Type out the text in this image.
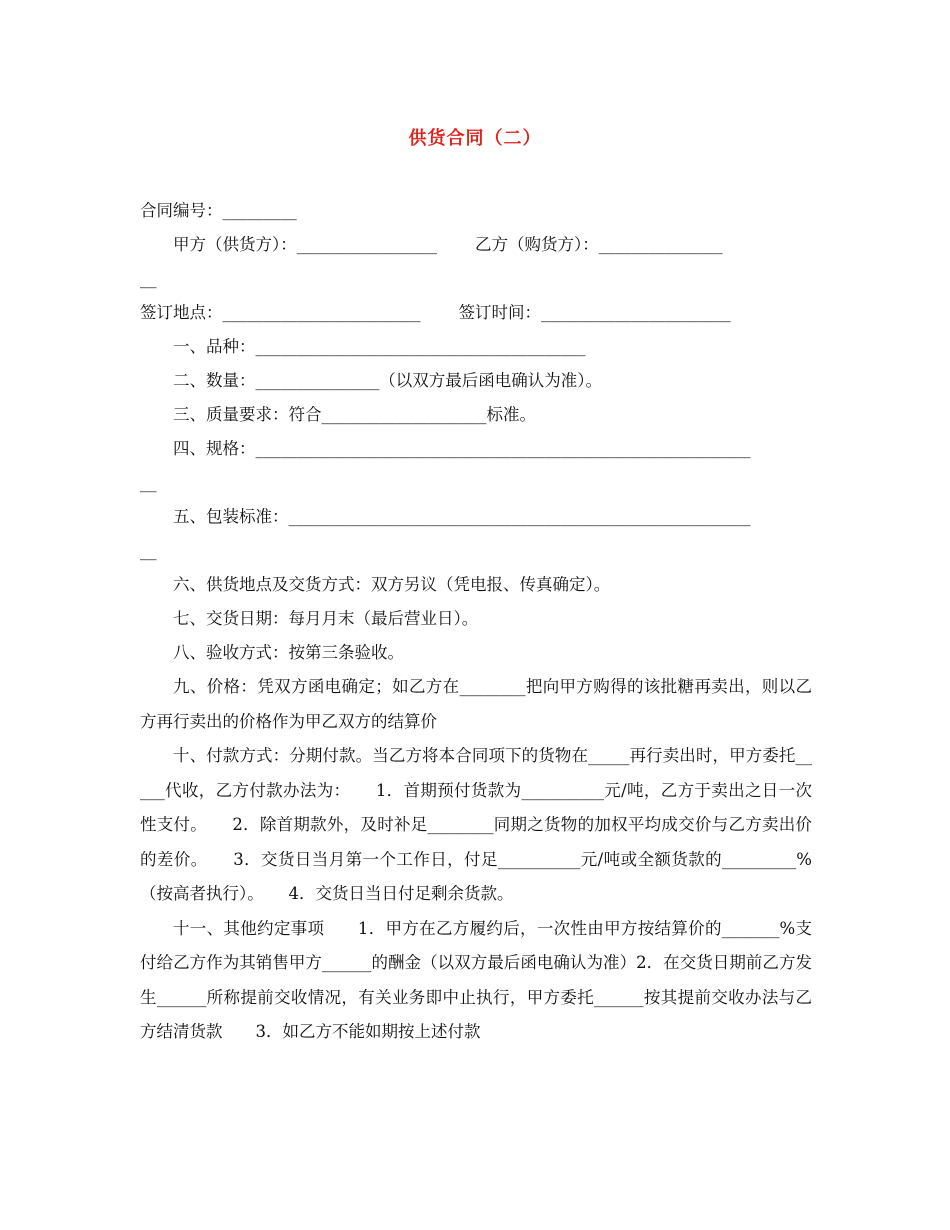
供货合同（二）
合同编号：_________
甲方（供货方）：_________________ 乙方（购货方）：_______________
__
签订地点：________________________ 签订时间：_______________________
一、品种：________________________________________
二、数量：_______________（以双方最后函电确认为准）。
三、质量要求：符合____________________标准。
四、规格：____________________________________________________________
__
五、包装标准：________________________________________________________
__
六、供货地点及交货方式：双方另议（凭电报、传真确定）。
七、交货日期：每月月末（最后营业日）。
八、验收方式：按第三条验收。
九、价格：凭双方函电确定；如乙方在________把向甲方购得的该批糖再卖出，则以乙方再行卖出的价格作为甲乙双方的结算价
十、付款方式：分期付款。当乙方将本合同项下的货物在_____再行卖出时，甲方委托_____代收，乙方付款办法为：　　1．首期预付货款为__________元/吨，乙方于卖出之日一次性支付。　　2．除首期款外，及时补足________同期之货物的加权平均成交价与乙方卖出价的差价。　　3．交货日当月第一个工作日，付足__________元/吨或全额货款的_________%（按高者执行）。　　4．交货日当日付足剩余货款。
十一、其他约定事项　　1．甲方在乙方履约后，一次性由甲方按结算价的_______%支付给乙方作为其销售甲方______的酬金（以双方最后函电确认为准）2．在交货日期前乙方发生______所称提前交收情况，有关业务即中止执行，甲方委托______按其提前交收办法与乙方结清货款　　3．如乙方不能如期按上述付款
